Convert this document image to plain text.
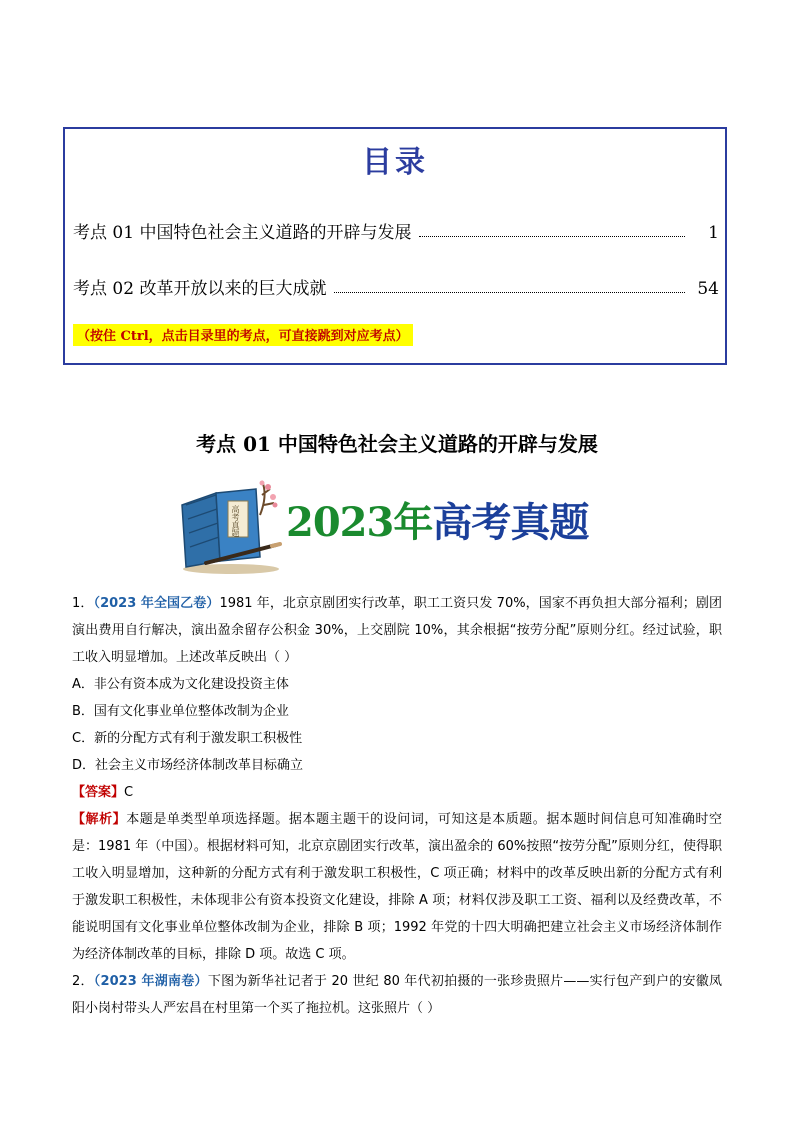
目录
考点 01 中国特色社会主义道路的开辟与发展	1
考点 02 改革开放以来的巨大成就	54
（按住 Ctrl，点击目录里的考点，可直接跳到对应考点）
考点 01 中国特色社会主义道路的开辟与发展
2023年高考真题
高考真题

1．（2023 年全国乙卷）1981 年，北京京剧团实行改革，职工工资只发 70%，国家不再负担大部分福利；剧团演出费用自行解决，演出盈余留存公积金 30%，上交剧院 10%，其余根据“按劳分配”原则分红。经过试验，职工收入明显增加。上述改革反映出（ ）

A．非公有资本成为文化建设投资主体

B．国有文化事业单位整体改制为企业

C．新的分配方式有利于激发职工积极性

D．社会主义市场经济体制改革目标确立

【答案】C

【解析】本题是单类型单项选择题。据本题主题干的设问词，可知这是本质题。据本题时间信息可知准确时空是：1981 年（中国）。根据材料可知，北京京剧团实行改革，演出盈余的 60%按照“按劳分配”原则分红，使得职工收入明显增加，这种新的分配方式有利于激发职工积极性，C 项正确；材料中的改革反映出新的分配方式有利于激发职工积极性，未体现非公有资本投资文化建设，排除 A 项；材料仅涉及职工工资、福利以及经费改革，不能说明国有文化事业单位整体改制为企业，排除 B 项；1992 年党的十四大明确把建立社会主义市场经济体制作为经济体制改革的目标，排除 D 项。故选 C 项。

2．（2023 年湖南卷）下图为新华社记者于 20 世纪 80 年代初拍摄的一张珍贵照片——实行包产到户的安徽凤阳小岗村带头人严宏昌在村里第一个买了拖拉机。这张照片（ ）
